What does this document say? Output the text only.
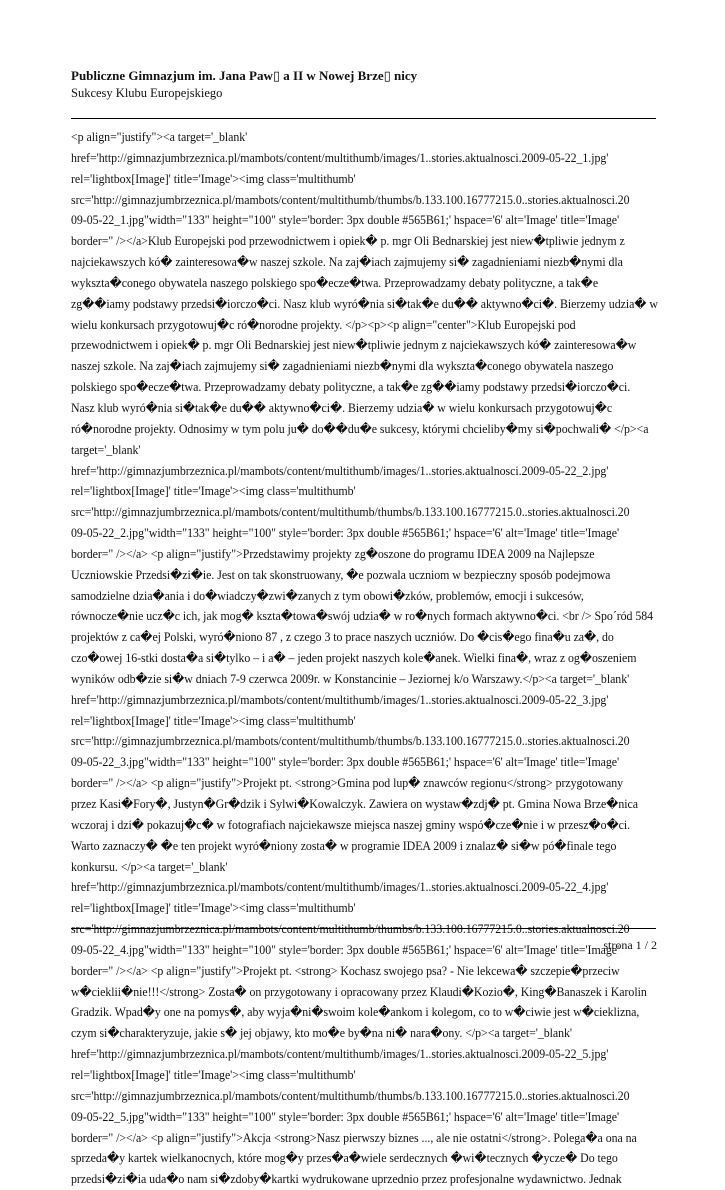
Publiczne Gimnazjum im. Jana Paw▯ a II w Nowej Brze▯ nicy
Sukcesy Klubu Europejskiego
<p align="justify"><a target='_blank'
href='http://gimnazjumbrzeznica.pl/mambots/content/multithumb/images/1..stories.aktualnosci.2009-05-22_1.jpg'
rel='lightbox[Image]' title='Image'><img class='multithumb'
src='http://gimnazjumbrzeznica.pl/mambots/content/multithumb/thumbs/b.133.100.16777215.0..stories.aktualnosci.20
09-05-22_1.jpg"width="133" height="100" style='border: 3px double #565B61;' hspace='6' alt='Image' title='Image'
border=" /></a>Klub Europejski pod przewodnictwem i opiek� p. mgr Oli Bednarskiej jest niew�tpliwie jednym z
najciekawszych kó� zainteresowa�w naszej szkole. Na zaj�iach zajmujemy si� zagadnieniami niezb�nymi dla
wykszta�conego obywatela naszego polskiego spo�ecze�twa. Przeprowadzamy debaty polityczne, a tak�e
zg��iamy podstawy przedsi�iorczo�ci. Nasz klub wyró�nia si�tak�e du�� aktywno�ci�. Bierzemy udzia� w
wielu konkursach przygotowuj�c ró�norodne projekty. </p><p><p align="center">Klub Europejski pod
przewodnictwem i opiek� p. mgr Oli Bednarskiej jest niew�tpliwie jednym z najciekawszych kó� zainteresowa�w
naszej szkole. Na zaj�iach zajmujemy si� zagadnieniami niezb�nymi dla wykszta�conego obywatela naszego
polskiego spo�ecze�twa. Przeprowadzamy debaty polityczne, a tak�e zg��iamy podstawy przedsi�iorczo�ci.
Nasz klub wyró�nia si�tak�e du�� aktywno�ci�. Bierzemy udzia� w wielu konkursach przygotowuj�c
ró�norodne projekty. Odnosimy w tym polu ju� do��du�e sukcesy, którymi chcieliby�my si�pochwali� </p><a
target='_blank'
href='http://gimnazjumbrzeznica.pl/mambots/content/multithumb/images/1..stories.aktualnosci.2009-05-22_2.jpg'
rel='lightbox[Image]' title='Image'><img class='multithumb'
src='http://gimnazjumbrzeznica.pl/mambots/content/multithumb/thumbs/b.133.100.16777215.0..stories.aktualnosci.20
09-05-22_2.jpg"width="133" height="100" style='border: 3px double #565B61;' hspace='6' alt='Image' title='Image'
border=" /></a> <p align="justify">Przedstawimy projekty zg�oszone do programu IDEA 2009 na Najlepsze
Uczniowskie Przedsi�zi�ie. Jest on tak skonstruowany, �e pozwala uczniom w bezpieczny sposób podejmowa
samodzielne dzia�ania i do�wiadczy�zwi�zanych z tym obowi�zków, problemów, emocji i sukcesów,
równocze�nie ucz�c ich, jak mog� kszta�towa�swój udzia� w ro�nych formach aktywno�ci. <br /> Spo´ród 584
projektów z ca�ej Polski, wyró�niono 87 , z czego 3 to prace naszych uczniów. Do �cis�ego fina�u za�, do
czo�owej 16-stki dosta�a si�tylko – i a� – jeden projekt naszych kole�anek. Wielki fina�, wraz z og�oszeniem
wyników odb�zie si�w dniach 7-9 czerwca 2009r. w Konstancinie – Jeziornej k/o Warszawy.</p><a target='_blank'
href='http://gimnazjumbrzeznica.pl/mambots/content/multithumb/images/1..stories.aktualnosci.2009-05-22_3.jpg'
rel='lightbox[Image]' title='Image'><img class='multithumb'
src='http://gimnazjumbrzeznica.pl/mambots/content/multithumb/thumbs/b.133.100.16777215.0..stories.aktualnosci.20
09-05-22_3.jpg"width="133" height="100" style='border: 3px double #565B61;' hspace='6' alt='Image' title='Image'
border=" /></a> <p align="justify">Projekt pt. <strong>Gmina pod lup� znawców regionu</strong> przygotowany
przez Kasi�Fory�, Justyn�Gr�dzik i Sylwi�Kowalczyk. Zawiera on wystaw�zdj� pt. Gmina Nowa Brze�nica
wczoraj i dzi� pokazuj�c� w fotografiach najciekawsze miejsca naszej gminy wspó�cze�nie i w przesz�o�ci.
Warto zaznaczy� �e ten projekt wyró�niony zosta� w programie IDEA 2009 i znalaz� si�w pó�finale tego
konkursu. </p><a target='_blank'
href='http://gimnazjumbrzeznica.pl/mambots/content/multithumb/images/1..stories.aktualnosci.2009-05-22_4.jpg'
rel='lightbox[Image]' title='Image'><img class='multithumb'
src='http://gimnazjumbrzeznica.pl/mambots/content/multithumb/thumbs/b.133.100.16777215.0..stories.aktualnosci.20
09-05-22_4.jpg"width="133" height="100" style='border: 3px double #565B61;' hspace='6' alt='Image' title='Image'
border=" /></a> <p align="justify">Projekt pt. <strong> Kochasz swojego psa? - Nie lekcewa� szczepie�przeciw
w�cieklii�nie!!!</strong> Zosta� on przygotowany i opracowany przez Klaudi�Kozio�, King�Banaszek i Karolin
Gradzik. Wpad�y one na pomys�, aby wyja�ni�swoim kole�ankom i kolegom, co to w�ciwie jest w�cieklizna,
czym si�charakteryzuje, jakie s� jej objawy, kto mo�e by�na ni� nara�ony. </p><a target='_blank'
href='http://gimnazjumbrzeznica.pl/mambots/content/multithumb/images/1..stories.aktualnosci.2009-05-22_5.jpg'
rel='lightbox[Image]' title='Image'><img class='multithumb'
src='http://gimnazjumbrzeznica.pl/mambots/content/multithumb/thumbs/b.133.100.16777215.0..stories.aktualnosci.20
09-05-22_5.jpg"width="133" height="100" style='border: 3px double #565B61;' hspace='6' alt='Image' title='Image'
border=" /></a> <p align="justify">Akcja <strong>Nasz pierwszy biznes ..., ale nie ostatni</strong>. Polega�a ona na
sprzeda�y kartek wielkanocnych, które mog�y przes�a�wiele serdecznych �wi�tecznych �ycze� Do tego
przedsi�zi�ia uda�o nam si�zdoby�kartki wydrukowane uprzednio przez profesjonalne wydawnictwo. Jednak
strona 1 / 2
